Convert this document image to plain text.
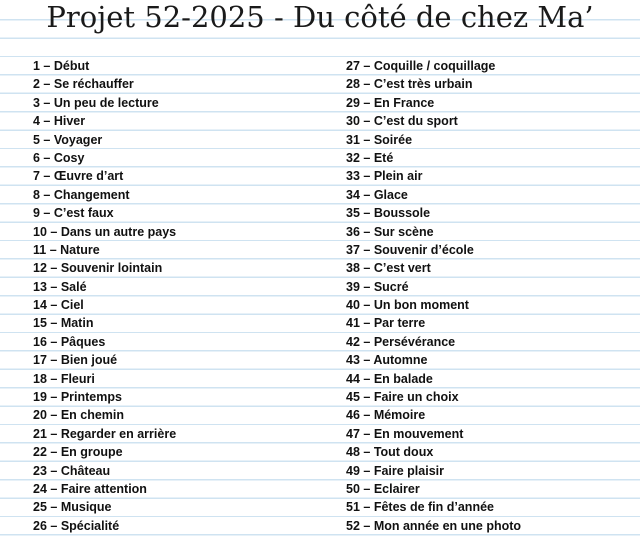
Projet 52-2025 - Du côté de chez Ma’
1 – Début
2 – Se réchauffer
3 – Un peu de lecture
4 – Hiver
5 – Voyager
6 – Cosy
7 – Œuvre d’art
8 – Changement
9 – C’est faux
10 – Dans un autre pays
11 – Nature
12 – Souvenir lointain
13 – Salé
14 – Ciel
15 – Matin
16 – Pâques
17 – Bien joué
18 – Fleuri
19 – Printemps
20 – En chemin
21 – Regarder en arrière
22 – En groupe
23 – Château
24 – Faire attention
25 – Musique
26 – Spécialité
27 – Coquille / coquillage
28 – C’est très urbain
29 – En France
30 – C’est du sport
31 – Soirée
32 – Eté
33 – Plein air
34 – Glace
35 – Boussole
36 – Sur scène
37 – Souvenir d’école
38 – C’est vert
39 – Sucré
40 – Un bon moment
41 – Par terre
42 – Persévérance
43 – Automne
44 – En balade
45 – Faire un choix
46 – Mémoire
47 – En mouvement
48 – Tout doux
49 – Faire plaisir
50 – Eclairer
51 – Fêtes de fin d’année
52 – Mon année en une photo
